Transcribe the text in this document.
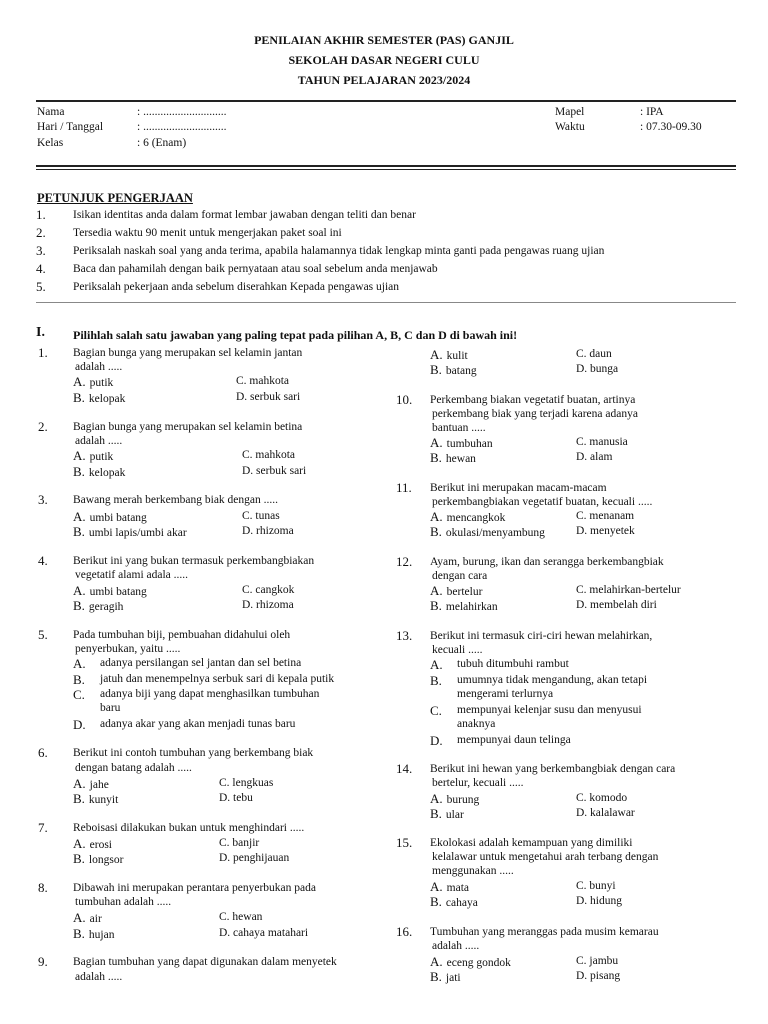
PENILAIAN AKHIR SEMESTER (PAS) GANJIL
SEKOLAH DASAR NEGERI CULU
TAHUN PELAJARAN 2023/2024
Nama	: .............................
Hari / Tanggal	: .............................
Kelas	: 6 (Enam)
Mapel	: IPA
Waktu	: 07.30-09.30
PETUNJUK PENGERJAAN
1. Isikan identitas anda dalam format lembar jawaban dengan teliti dan benar
2. Tersedia waktu 90 menit untuk mengerjakan paket soal ini
3. Periksalah naskah soal yang anda terima, apabila halamannya tidak lengkap minta ganti pada pengawas ruang ujian
4. Baca dan pahamilah dengan baik pernyataan atau soal sebelum anda menjawab
5. Periksalah pekerjaan anda sebelum diserahkan Kepada pengawas ujian
I. Pilihlah salah satu jawaban yang paling tepat pada pilihan A, B, C dan D di bawah ini!
1. Bagian bunga yang merupakan sel kelamin jantan
adalah .....
A. putik
B. kelopak
C. mahkota
D. serbuk sari
2. Bagian bunga yang merupakan sel kelamin betina
adalah .....
A. putik
B. kelopak
C. mahkota
D. serbuk sari
3. Bawang merah berkembang biak dengan .....
A. umbi batang
B. umbi lapis/umbi akar
C. tunas
D. rhizoma
4. Berikut ini yang bukan termasuk perkembangbiakan
vegetatif alami adala .....
A. umbi batang
B. geragih
C. cangkok
D. rhizoma
5. Pada tumbuhan biji, pembuahan didahului oleh
penyerbukan, yaitu .....
A. adanya persilangan sel jantan dan sel betina
B. jatuh dan menempelnya serbuk sari di kepala putik
C. adanya biji yang dapat menghasilkan tumbuhan
baru
D. adanya akar yang akan menjadi tunas baru
6. Berikut ini contoh tumbuhan yang berkembang biak
dengan batang adalah .....
A. jahe
B. kunyit
C. lengkuas
D. tebu
7. Reboisasi dilakukan bukan untuk menghindari .....
A. erosi
B. longsor
C. banjir
D. penghijauan
8. Dibawah ini merupakan perantara penyerbukan pada
tumbuhan adalah .....
A. air
B. hujan
C. hewan
D. cahaya matahari
9. Bagian tumbuhan yang dapat digunakan dalam menyetek
adalah .....
A. kulit
B. batang
C. daun
D. bunga
10. Perkembang biakan vegetatif buatan, artinya
perkembang biak yang terjadi karena adanya
bantuan .....
A. tumbuhan
B. hewan
C. manusia
D. alam
11. Berikut ini merupakan macam-macam
perkembangbiakan vegetatif buatan, kecuali .....
A. mencangkok
B. okulasi/menyambung
C. menanam
D. menyetek
12. Ayam, burung, ikan dan serangga berkembangbiak
dengan cara
A. bertelur
B. melahirkan
C. melahirkan-bertelur
D. membelah diri
13. Berikut ini termasuk ciri-ciri hewan melahirkan,
kecuali .....
A. tubuh ditumbuhi rambut
B. umumnya tidak mengandung, akan tetapi
mengerami terlurnya
C. mempunyai kelenjar susu dan menyusui
anaknya
D. mempunyai daun telinga
14. Berikut ini hewan yang berkembangbiak dengan cara
bertelur, kecuali .....
A. burung
B. ular
C. komodo
D. kalalawar
15. Ekolokasi adalah kemampuan yang dimiliki
kelalawar untuk mengetahui arah terbang dengan
menggunakan .....
A. mata
B. cahaya
C. bunyi
D. hidung
16. Tumbuhan yang meranggas pada musim kemarau
adalah .....
A. eceng gondok
B. jati
C. jambu
D. pisang
